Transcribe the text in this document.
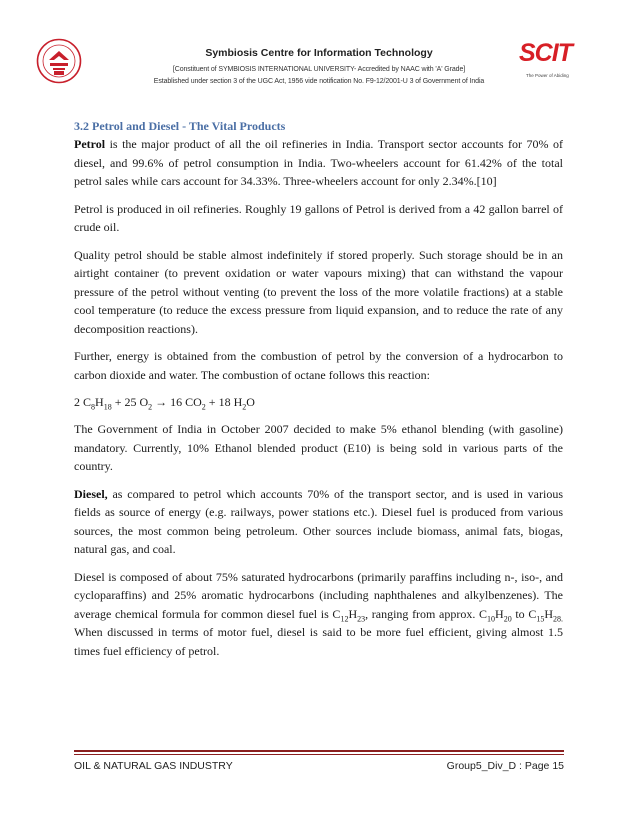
Symbiosis Centre for Information Technology
[Constituent of SYMBIOSIS INTERNATIONAL UNIVERSITY- Accredited by NAAC with 'A' Grade]
Established under section 3 of the UGC Act, 1956 vide notification No. F9-12/2001-U 3 of Government of India
SCIT
The Power of Abiding
3.2 Petrol and Diesel - The Vital Products

Petrol is the major product of all the oil refineries in India. Transport sector accounts for 70% of diesel, and 99.6% of petrol consumption in India. Two-wheelers account for 61.42% of the total petrol sales while cars account for 34.33%. Three-wheelers account for only 2.34%.[10]

Petrol is produced in oil refineries. Roughly 19 gallons of Petrol is derived from a 42 gallon barrel of crude oil.

Quality petrol should be stable almost indefinitely if stored properly. Such storage should be in an airtight container (to prevent oxidation or water vapours mixing) that can withstand the vapour pressure of the petrol without venting (to prevent the loss of the more volatile fractions) at a stable cool temperature (to reduce the excess pressure from liquid expansion, and to reduce the rate of any decomposition reactions).

Further, energy is obtained from the combustion of petrol by the conversion of a hydrocarbon to carbon dioxide and water. The combustion of octane follows this reaction:

2 $C_8H_{18} + 25$ $O_2 \to 16$ $CO_2 + 18$ $H_2O$

The Government of India in October 2007 decided to make 5% ethanol blending (with gasoline) mandatory. Currently, 10% Ethanol blended product (E10) is being sold in various parts of the country.

Diesel, as compared to petrol which accounts 70% of the transport sector, and is used in various fields as source of energy (e.g. railways, power stations etc.). Diesel fuel is produced from various sources, the most common being petroleum. Other sources include biomass, animal fats, biogas, natural gas, and coal.

Diesel is composed of about 75% saturated hydrocarbons (primarily paraffins including n-, iso-, and cycloparaffins) and 25% aromatic hydrocarbons (including naphthalenes and alkylbenzenes). The average chemical formula for common diesel fuel is $C_{12}H_{23}$, ranging from approx. $C_{10}H_{20}$ to $C_{15}H_{28.}$ When discussed in terms of motor fuel, diesel is said to be more fuel efficient, giving almost 1.5 times fuel efficiency of petrol.

OIL & NATURAL GAS INDUSTRY	Group5_Div_D : Page 15
